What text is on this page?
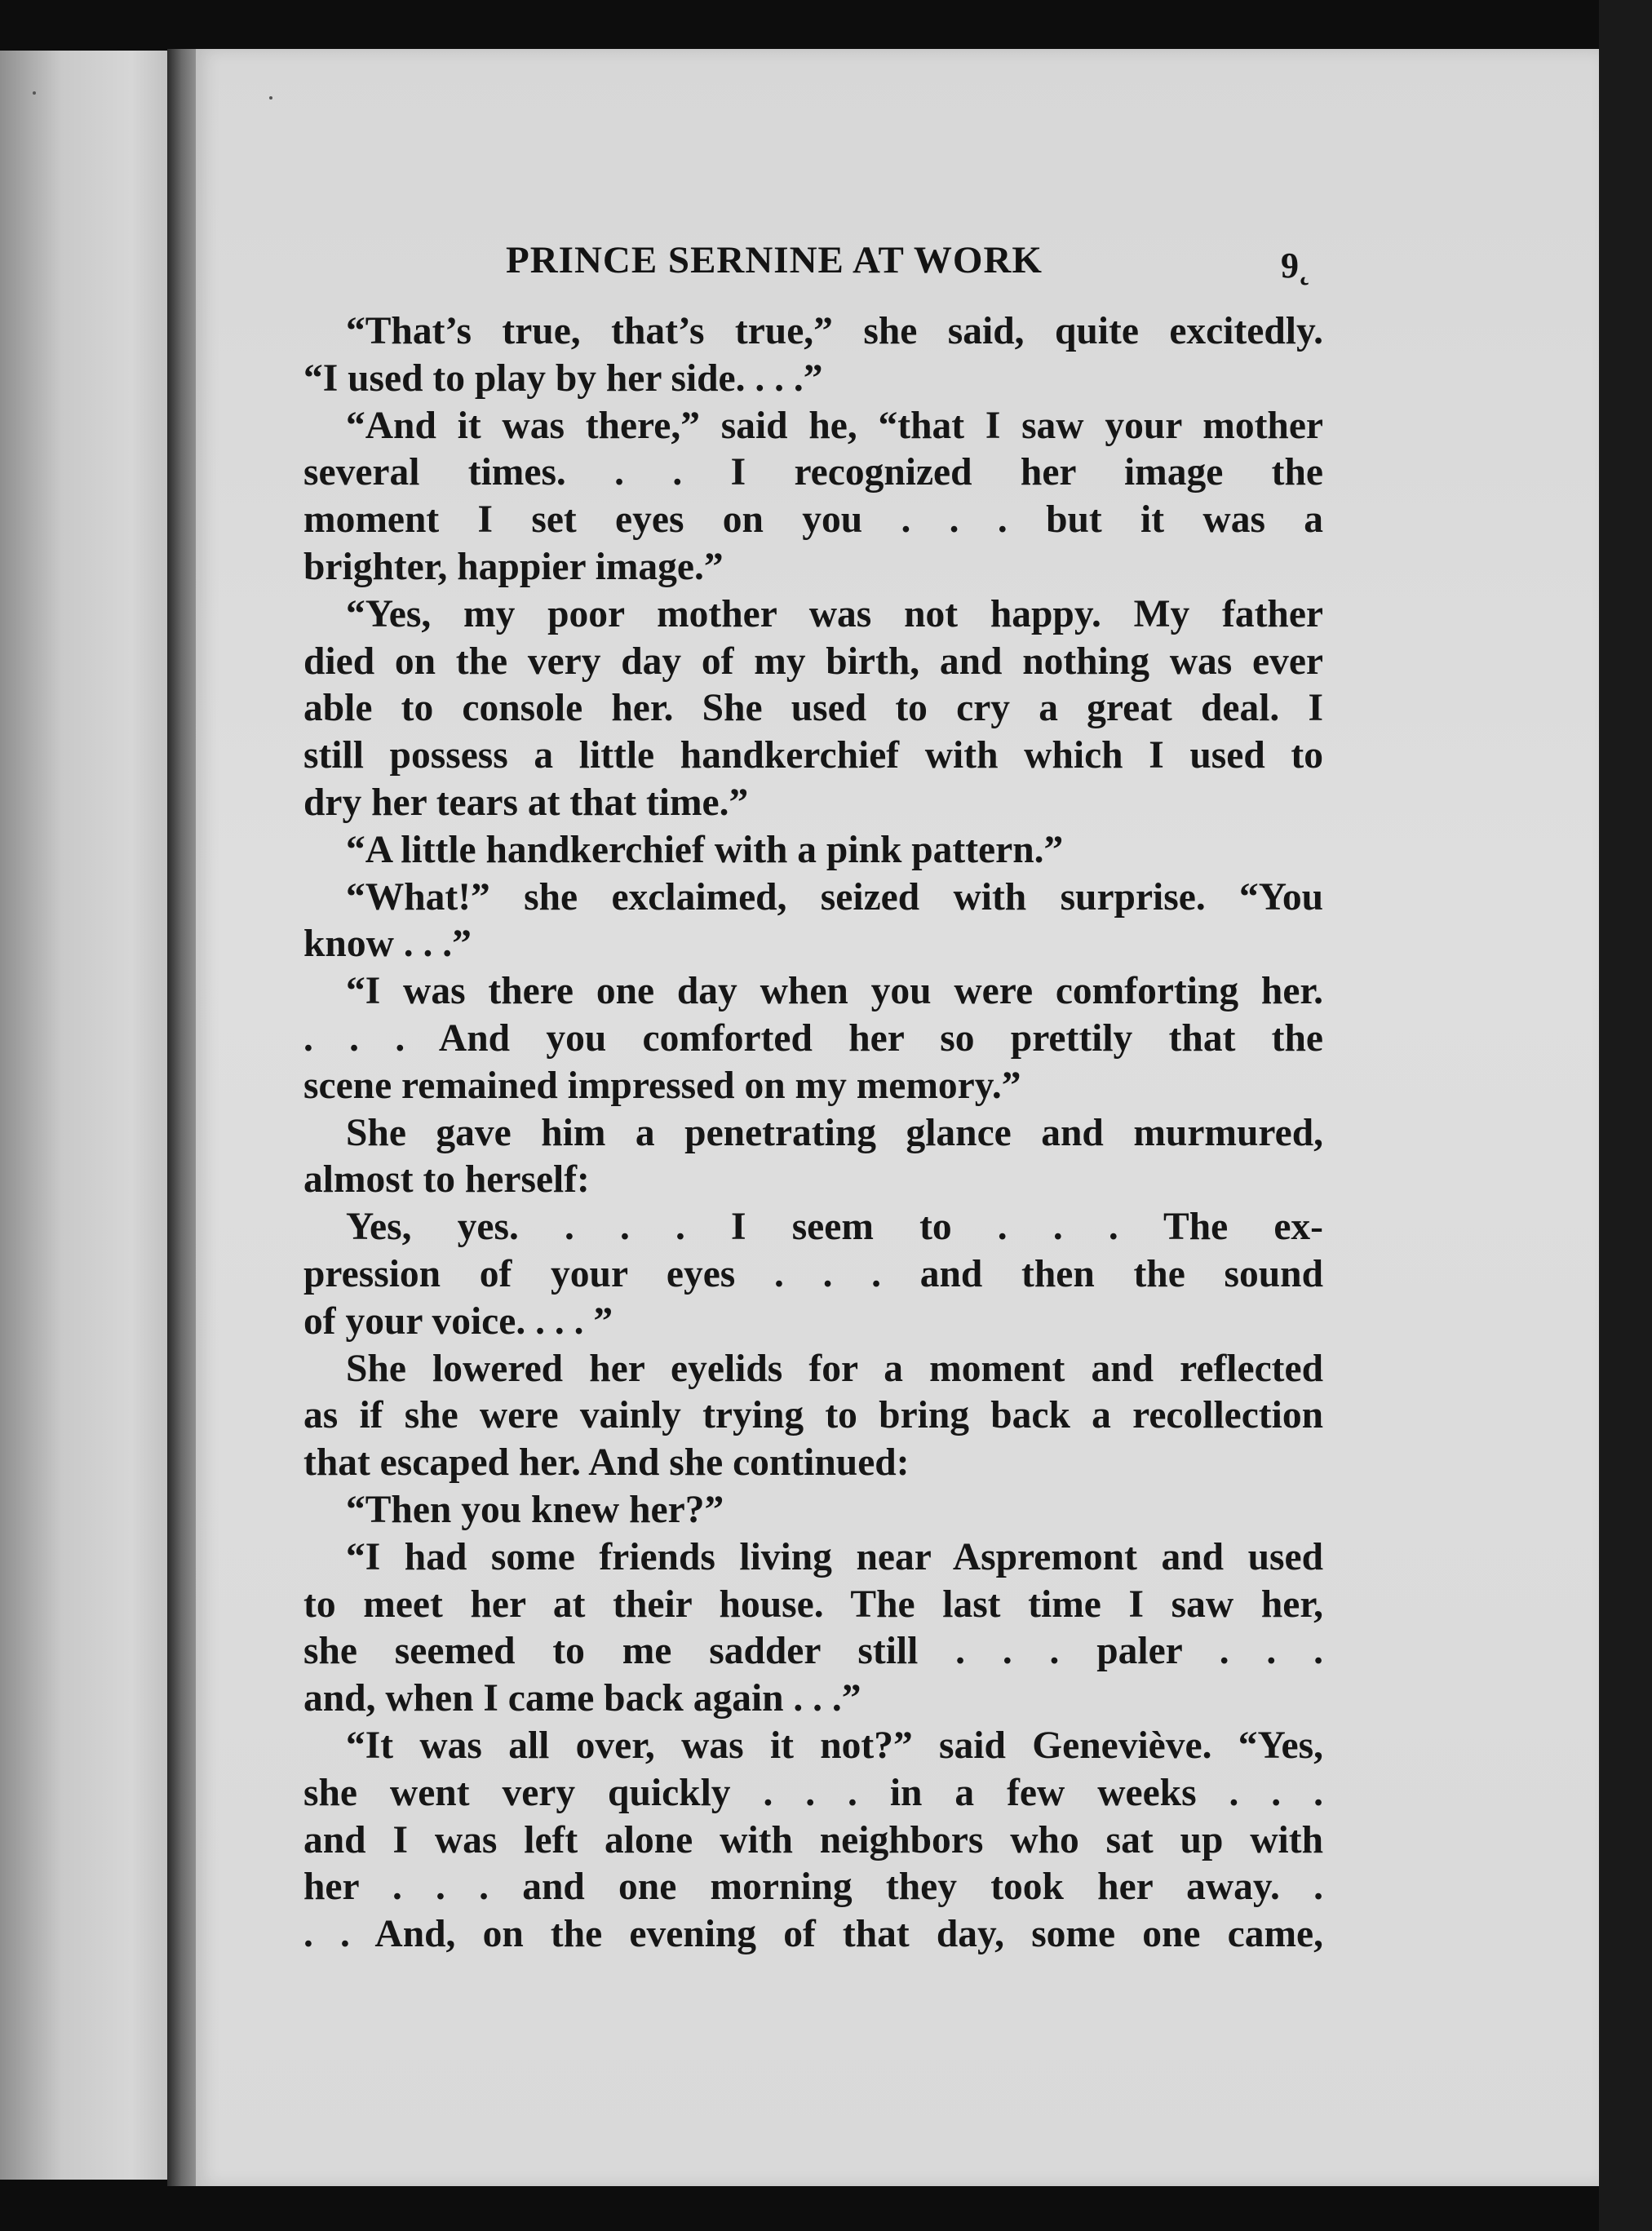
PRINCE SERNINE AT WORK	9˛
“That’s true, that’s true,” she said, quite excitedly.
“I used to play by her side. . . .”
“And it was there,” said he, “that I saw your mother
several times. . . I recognized her image the
moment I set eyes on you . . . but it was a
brighter, happier image.”
“Yes, my poor mother was not happy. My father
died on the very day of my birth, and nothing was ever
able to console her. She used to cry a great deal. I
still possess a little handkerchief with which I used to
dry her tears at that time.”
“A little handkerchief with a pink pattern.”
“What!” she exclaimed, seized with surprise. “You
know . . .”
“I was there one day when you were comforting her.
. . . And you comforted her so prettily that the
scene remained impressed on my memory.”
She gave him a penetrating glance and murmured,
almost to herself:
Yes, yes. . . . I seem to . . . The ex-
pression of your eyes . . . and then the sound
of your voice. . . . ”
She lowered her eyelids for a moment and reflected
as if she were vainly trying to bring back a recollection
that escaped her. And she continued:
“Then you knew her?”
“I had some friends living near Aspremont and used
to meet her at their house. The last time I saw her,
she seemed to me sadder still . . . paler . . .
and, when I came back again . . .”
“It was all over, was it not?” said Geneviève. “Yes,
she went very quickly . . . in a few weeks . . .
and I was left alone with neighbors who sat up with
her . . . and one morning they took her away. .
. . And, on the evening of that day, some one came,
